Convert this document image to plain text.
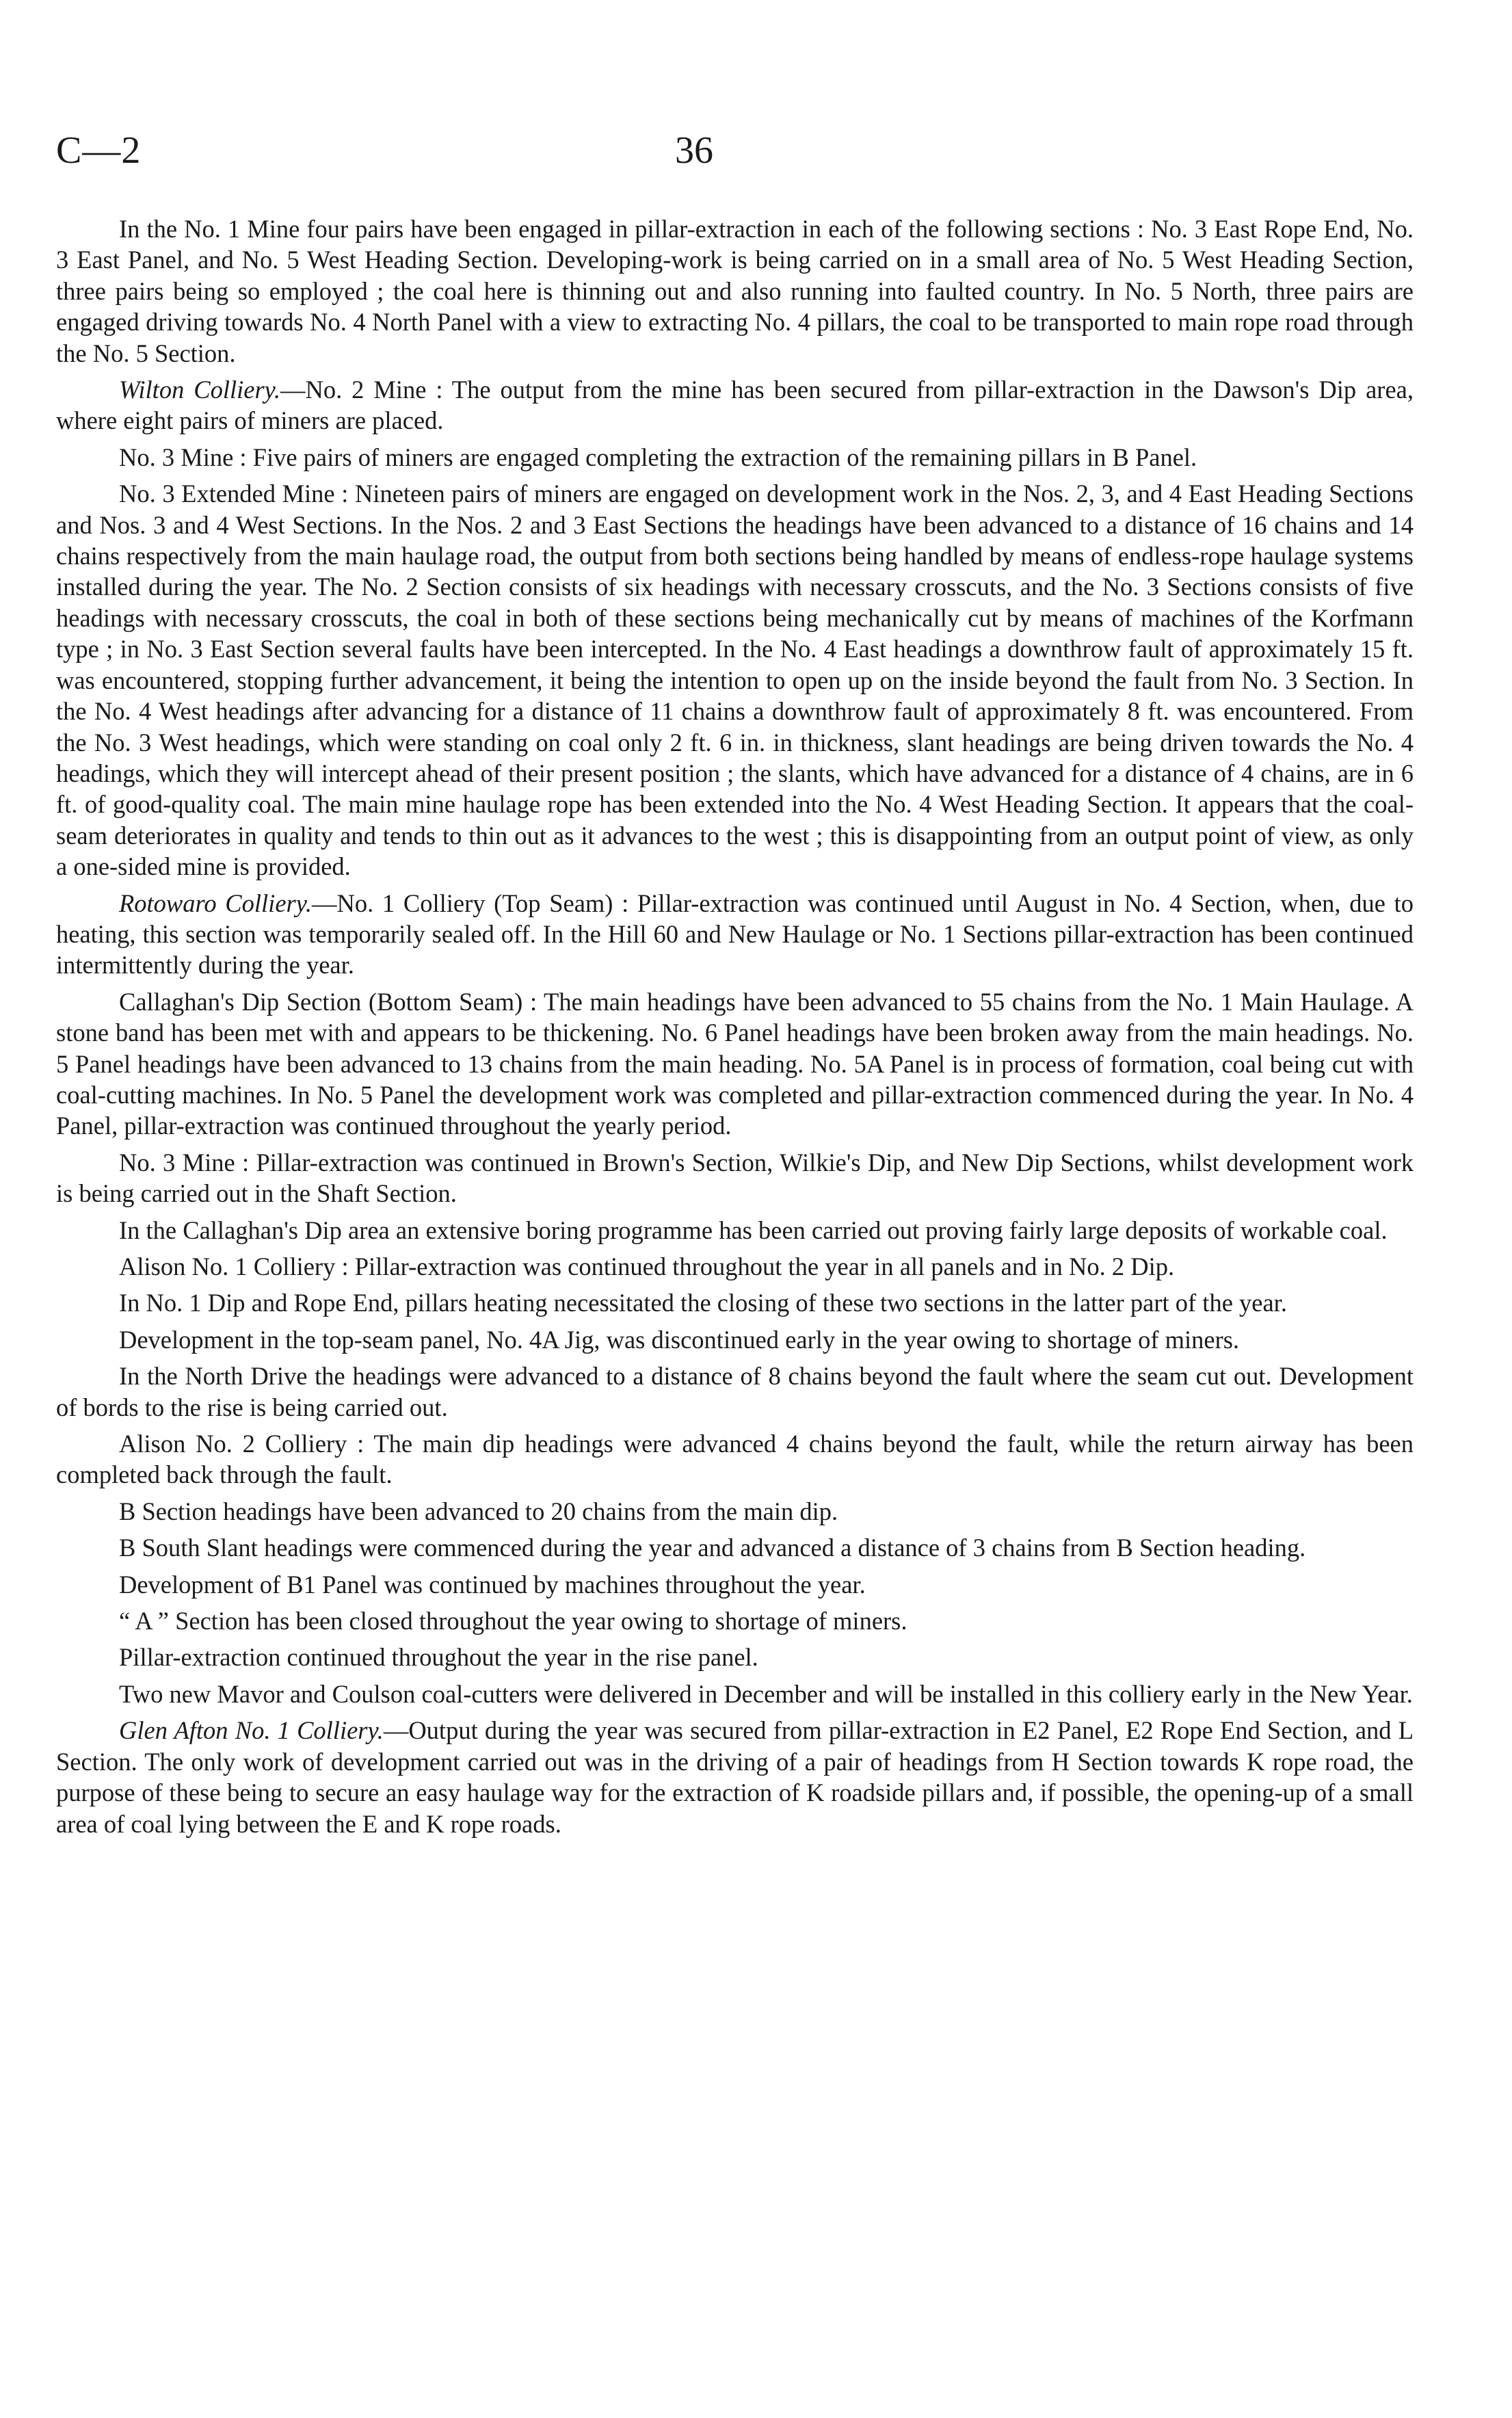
C—2	36

In the No. 1 Mine four pairs have been engaged in pillar-extraction in each of the following sections : No. 3 East Rope End, No. 3 East Panel, and No. 5 West Heading Section. Developing-work is being carried on in a small area of No. 5 West Heading Section, three pairs being so employed ; the coal here is thinning out and also running into faulted country. In No. 5 North, three pairs are engaged driving towards No. 4 North Panel with a view to extracting No. 4 pillars, the coal to be transported to main rope road through the No. 5 Section.

Wilton Colliery.—No. 2 Mine : The output from the mine has been secured from pillar-extraction in the Dawson's Dip area, where eight pairs of miners are placed.

No. 3 Mine : Five pairs of miners are engaged completing the extraction of the remaining pillars in B Panel.

No. 3 Extended Mine : Nineteen pairs of miners are engaged on development work in the Nos. 2, 3, and 4 East Heading Sections and Nos. 3 and 4 West Sections. In the Nos. 2 and 3 East Sections the headings have been advanced to a distance of 16 chains and 14 chains respectively from the main haulage road, the output from both sections being handled by means of endless-rope haulage systems installed during the year. The No. 2 Section consists of six headings with necessary crosscuts, and the No. 3 Sections consists of five headings with necessary crosscuts, the coal in both of these sections being mechanically cut by means of machines of the Korfmann type ; in No. 3 East Section several faults have been intercepted. In the No. 4 East headings a downthrow fault of approximately 15 ft. was encountered, stopping further advancement, it being the intention to open up on the inside beyond the fault from No. 3 Section. In the No. 4 West headings after advancing for a distance of 11 chains a downthrow fault of approximately 8 ft. was encountered. From the No. 3 West headings, which were standing on coal only 2 ft. 6 in. in thickness, slant headings are being driven towards the No. 4 headings, which they will intercept ahead of their present position ; the slants, which have advanced for a distance of 4 chains, are in 6 ft. of good-quality coal. The main mine haulage rope has been extended into the No. 4 West Heading Section. It appears that the coal-seam deteriorates in quality and tends to thin out as it advances to the west ; this is disappointing from an output point of view, as only a one-sided mine is provided.

Rotowaro Colliery.—No. 1 Colliery (Top Seam) : Pillar-extraction was continued until August in No. 4 Section, when, due to heating, this section was temporarily sealed off. In the Hill 60 and New Haulage or No. 1 Sections pillar-extraction has been continued intermittently during the year.

Callaghan's Dip Section (Bottom Seam) : The main headings have been advanced to 55 chains from the No. 1 Main Haulage. A stone band has been met with and appears to be thickening. No. 6 Panel headings have been broken away from the main headings. No. 5 Panel headings have been advanced to 13 chains from the main heading. No. 5A Panel is in process of formation, coal being cut with coal-cutting machines. In No. 5 Panel the development work was completed and pillar-extraction commenced during the year. In No. 4 Panel, pillar-extraction was continued throughout the yearly period.

No. 3 Mine : Pillar-extraction was continued in Brown's Section, Wilkie's Dip, and New Dip Sections, whilst development work is being carried out in the Shaft Section.

In the Callaghan's Dip area an extensive boring programme has been carried out proving fairly large deposits of workable coal.

Alison No. 1 Colliery : Pillar-extraction was continued throughout the year in all panels and in No. 2 Dip.

In No. 1 Dip and Rope End, pillars heating necessitated the closing of these two sections in the latter part of the year.

Development in the top-seam panel, No. 4A Jig, was discontinued early in the year owing to shortage of miners.

In the North Drive the headings were advanced to a distance of 8 chains beyond the fault where the seam cut out. Development of bords to the rise is being carried out.

Alison No. 2 Colliery : The main dip headings were advanced 4 chains beyond the fault, while the return airway has been completed back through the fault.

B Section headings have been advanced to 20 chains from the main dip.

B South Slant headings were commenced during the year and advanced a distance of 3 chains from B Section heading.

Development of B1 Panel was continued by machines throughout the year.

“ A ” Section has been closed throughout the year owing to shortage of miners.

Pillar-extraction continued throughout the year in the rise panel.

Two new Mavor and Coulson coal-cutters were delivered in December and will be installed in this colliery early in the New Year.

Glen Afton No. 1 Colliery.—Output during the year was secured from pillar-extraction in E2 Panel, E2 Rope End Section, and L Section. The only work of development carried out was in the driving of a pair of headings from H Section towards K rope road, the purpose of these being to secure an easy haulage way for the extraction of K roadside pillars and, if possible, the opening-up of a small area of coal lying between the E and K rope roads.
